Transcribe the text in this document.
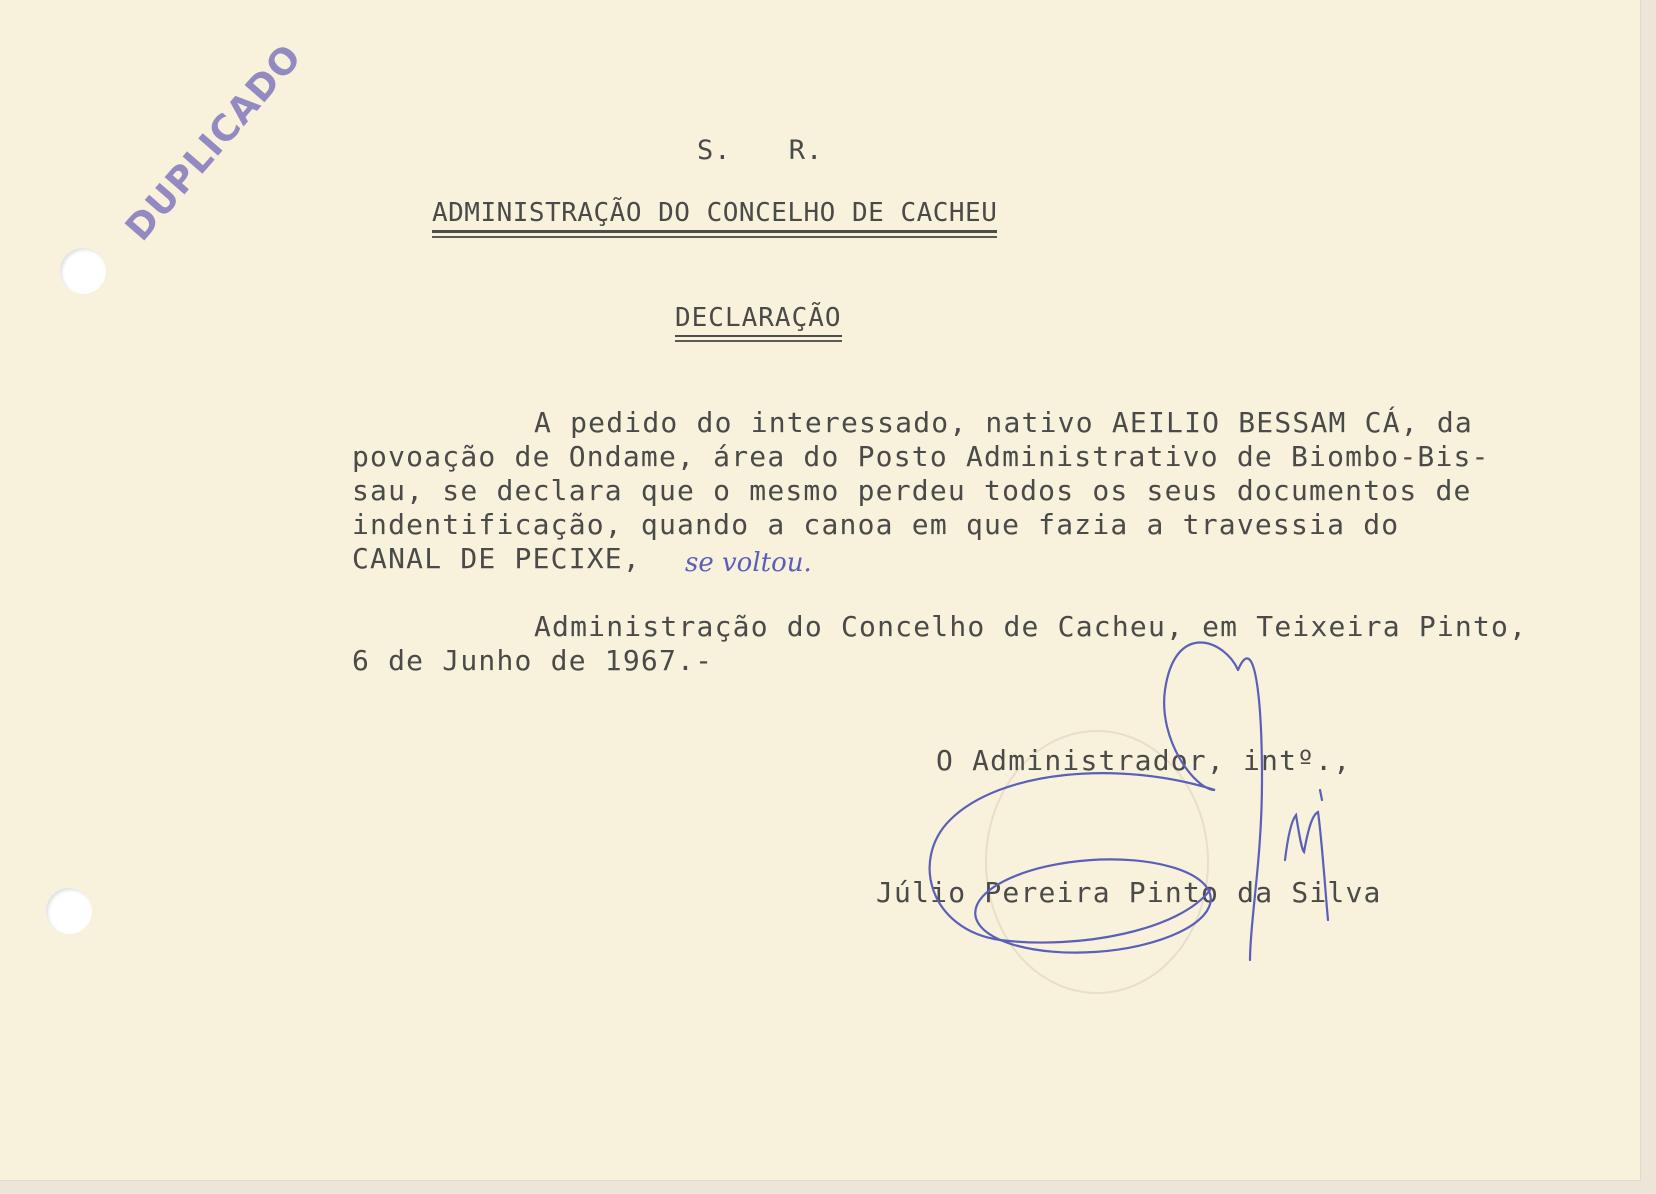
DUPLICADO	S. R.
ADMINISTRAÇÃO DO CONCELHO DE CACHEU
DECLARAÇÃO
A pedido do interessado, nativo AEILIO BESSAM CÁ, da
povoação de Ondame, área do Posto Administrativo de Biombo-Bis-
sau, se declara que o mesmo perdeu todos os seus documentos de
indentificação, quando a canoa em que fazia a travessia do
CANAL DE PECIXE, se voltou.
Administração do Concelho de Cacheu, em Teixeira Pinto,
6 de Junho de 1967.-
O Administrador, intº.,
Júlio Pereira Pinto da Silva
